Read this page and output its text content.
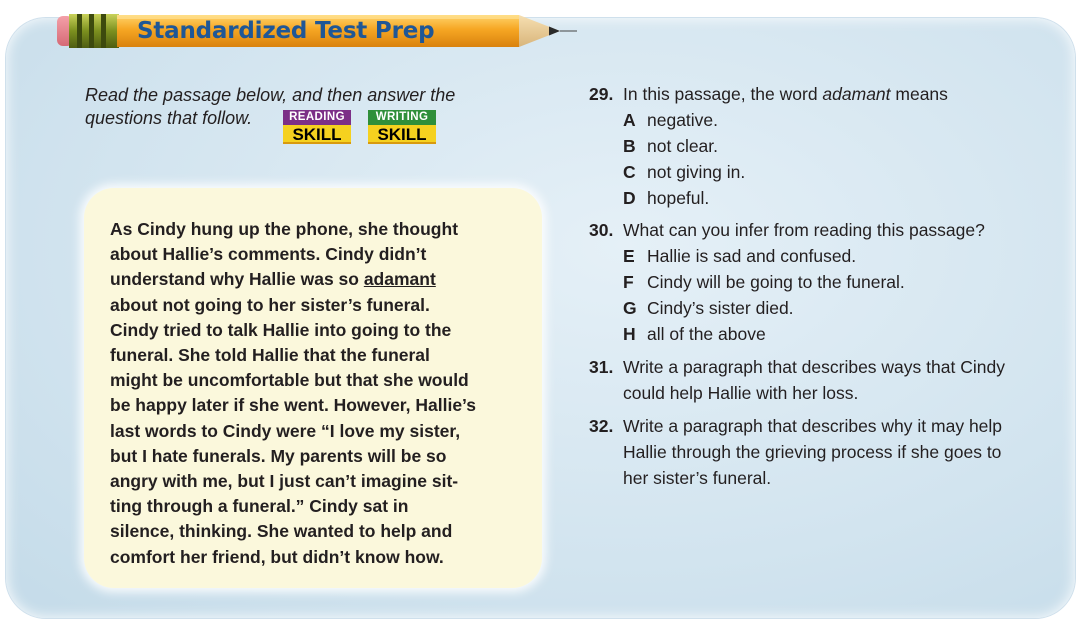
Standardized Test Prep
Read the passage below, and then answer the
questions that follow.	READING
SKILL
WRITING
SKILL
As Cindy hung up the phone, she thought
about Hallie’s comments. Cindy didn’t
understand why Hallie was so adamant
about not going to her sister’s funeral.
Cindy tried to talk Hallie into going to the
funeral. She told Hallie that the funeral
might be uncomfortable but that she would
be happy later if she went. However, Hallie’s
last words to Cindy were “I love my sister,
but I hate funerals. My parents will be so
angry with me, but I just can’t imagine sit-
ting through a funeral.” Cindy sat in
silence, thinking. She wanted to help and
comfort her friend, but didn’t know how.
29. In this passage, the word adamant means
A negative.
B not clear.
C not giving in.
D hopeful.
30. What can you infer from reading this passage?
E Hallie is sad and confused.
F Cindy will be going to the funeral.
G Cindy’s sister died.
H all of the above
31. Write a paragraph that describes ways that Cindy
could help Hallie with her loss.
32. Write a paragraph that describes why it may help
Hallie through the grieving process if she goes to
her sister’s funeral.
